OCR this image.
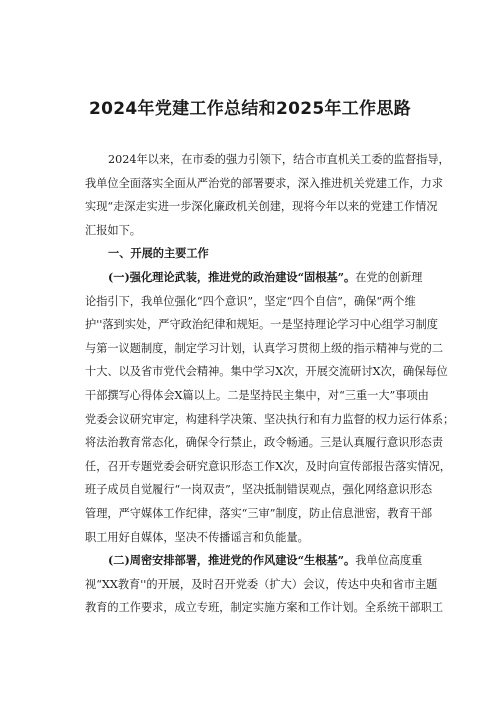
2024年党建工作总结和2025年工作思路
2024年以来，在市委的强力引领下，结合市直机关工委的监督指导，
我单位全面落实全面从严治党的部署要求，深入推进机关党建工作，力求
实现“走深走实进一步深化廉政机关创建，现将今年以来的党建工作情况
汇报如下。
一、开展的主要工作
(一)强化理论武装，推进党的政治建设“固根基”。在党的创新理
论指引下，我单位强化“四个意识”，坚定“四个自信”，确保“两个维
护''落到实处，严守政治纪律和规矩。一是坚持理论学习中心组学习制度
与第一议题制度，制定学习计划，认真学习贯彻上级的指示精神与党的二
十大、以及省市党代会精神。集中学习X次，开展交流研讨X次，确保每位
干部撰写心得体会X篇以上。二是坚持民主集中，对“三重一大”事项由
党委会议研究审定，构建科学决策、坚决执行和有力监督的权力运行体系；
将法治教育常态化，确保令行禁止，政令畅通。三是认真履行意识形态责
任，召开专题党委会研究意识形态工作X次，及时向宣传部报告落实情况，
班子成员自觉履行“一岗双责”，坚决抵制错误观点，强化网络意识形态
管理，严守媒体工作纪律，落实“三审”制度，防止信息泄密，教育干部
职工用好自媒体，坚决不传播谣言和负能量。
(二)周密安排部署，推进党的作风建设“生根基”。我单位高度重
视“XX教育''的开展，及时召开党委（扩大）会议，传达中央和省市主题
教育的工作要求，成立专班，制定实施方案和工作计划。全系统干部职工
